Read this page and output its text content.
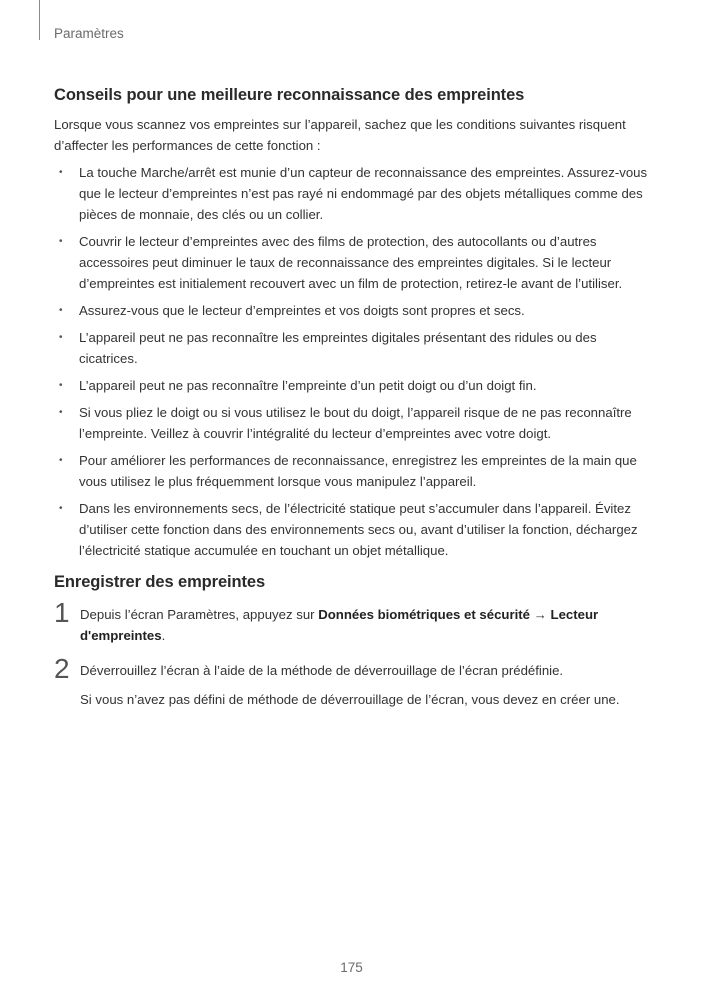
Paramètres
Conseils pour une meilleure reconnaissance des empreintes

Lorsque vous scannez vos empreintes sur l’appareil, sachez que les conditions suivantes risquent d’affecter les performances de cette fonction :

• La touche Marche/arrêt est munie d’un capteur de reconnaissance des empreintes. Assurez-vous que le lecteur d’empreintes n’est pas rayé ni endommagé par des objets métalliques comme des pièces de monnaie, des clés ou un collier.
• Couvrir le lecteur d’empreintes avec des films de protection, des autocollants ou d’autres accessoires peut diminuer le taux de reconnaissance des empreintes digitales. Si le lecteur d’empreintes est initialement recouvert avec un film de protection, retirez-le avant de l’utiliser.
• Assurez-vous que le lecteur d’empreintes et vos doigts sont propres et secs.
• L’appareil peut ne pas reconnaître les empreintes digitales présentant des ridules ou des cicatrices.
• L’appareil peut ne pas reconnaître l’empreinte d’un petit doigt ou d’un doigt fin.
• Si vous pliez le doigt ou si vous utilisez le bout du doigt, l’appareil risque de ne pas reconnaître l’empreinte. Veillez à couvrir l’intégralité du lecteur d’empreintes avec votre doigt.
• Pour améliorer les performances de reconnaissance, enregistrez les empreintes de la main que vous utilisez le plus fréquemment lorsque vous manipulez l’appareil.
• Dans les environnements secs, de l’électricité statique peut s’accumuler dans l’appareil. Évitez d’utiliser cette fonction dans des environnements secs ou, avant d’utiliser la fonction, déchargez l’électricité statique accumulée en touchant un objet métallique.
Enregistrer des empreintes
1 Depuis l’écran Paramètres, appuyez sur Données biométriques et sécurité → Lecteur d'empreintes.

2 Déverrouillez l’écran à l’aide de la méthode de déverrouillage de l’écran prédéfinie.

Si vous n’avez pas défini de méthode de déverrouillage de l’écran, vous devez en créer une.

175
